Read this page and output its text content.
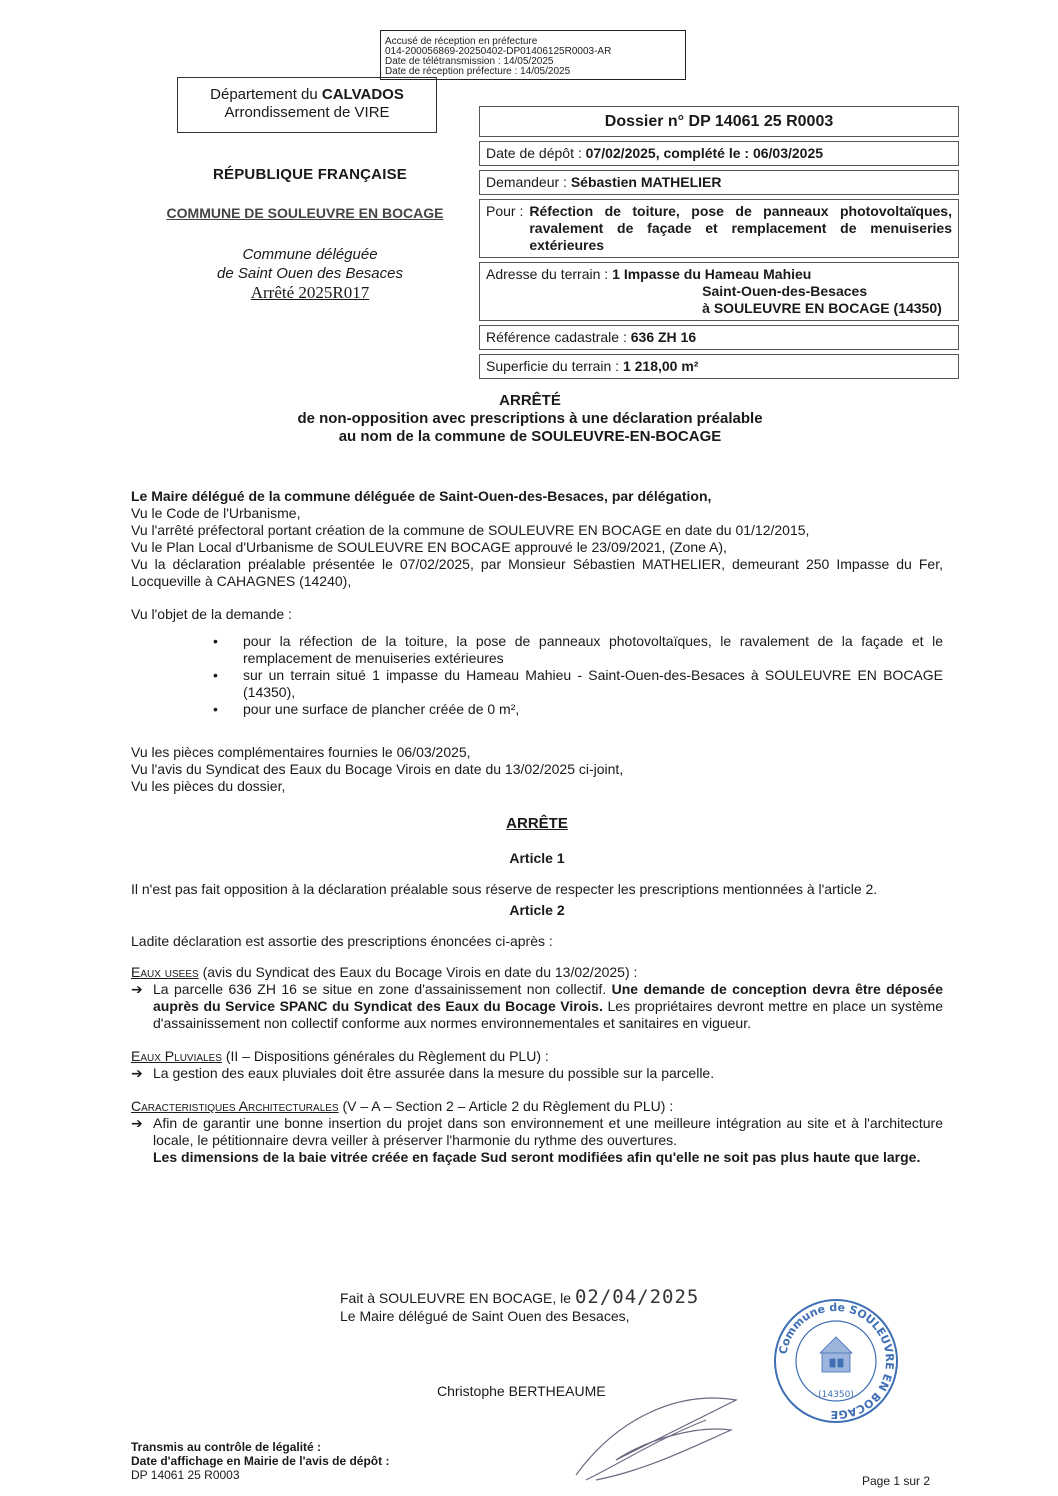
Accusé de réception en préfecture
014-200056869-20250402-DP01406125R0003-AR
Date de télétransmission : 14/05/2025
Date de réception préfecture : 14/05/2025
Département du CALVADOS
Arrondissement de VIRE
RÉPUBLIQUE FRANÇAISE
COMMUNE DE SOULEUVRE EN BOCAGE
Commune déléguée
de Saint Ouen des Besaces
Arrêté 2025R017
Dossier n° DP 14061 25 R0003
Date de dépôt : 07/02/2025, complété le : 06/03/2025
Demandeur : Sébastien MATHELIER
Pour : Réfection de toiture, pose de panneaux photovoltaïques, ravalement de façade et remplacement de menuiseries extérieures
Adresse du terrain : 1 Impasse du Hameau Mahieu
Saint-Ouen-des-Besaces
à SOULEUVRE EN BOCAGE (14350)
Référence cadastrale : 636 ZH 16
Superficie du terrain : 1 218,00 m²
ARRÊTÉ
de non-opposition avec prescriptions à une déclaration préalable
au nom de la commune de SOULEUVRE-EN-BOCAGE

Le Maire délégué de la commune déléguée de Saint-Ouen-des-Besaces, par délégation,

Vu le Code de l'Urbanisme,

Vu l'arrêté préfectoral portant création de la commune de SOULEUVRE EN BOCAGE en date du 01/12/2015,

Vu le Plan Local d'Urbanisme de SOULEUVRE EN BOCAGE approuvé le 23/09/2021, (Zone A),

Vu la déclaration préalable présentée le 07/02/2025, par Monsieur Sébastien MATHELIER, demeurant 250 Impasse du Fer, Locqueville à CAHAGNES (14240),

Vu l'objet de la demande :

• pour la réfection de la toiture, la pose de panneaux photovoltaïques, le ravalement de la façade et le remplacement de menuiseries extérieures
• sur un terrain situé 1 impasse du Hameau Mahieu - Saint-Ouen-des-Besaces à SOULEUVRE EN BOCAGE (14350),
• pour une surface de plancher créée de 0 m²,

Vu les pièces complémentaires fournies le 06/03/2025,

Vu l'avis du Syndicat des Eaux du Bocage Virois en date du 13/02/2025 ci-joint,

Vu les pièces du dossier,

ARRÊTE

Article 1

Il n'est pas fait opposition à la déclaration préalable sous réserve de respecter les prescriptions mentionnées à l'article 2.

Article 2

Ladite déclaration est assortie des prescriptions énoncées ci-après :

Eaux usees (avis du Syndicat des Eaux du Bocage Virois en date du 13/02/2025) :

➔ La parcelle 636 ZH 16 se situe en zone d'assainissement non collectif. Une demande de conception devra être déposée auprès du Service SPANC du Syndicat des Eaux du Bocage Virois. Les propriétaires devront mettre en place un système d'assainissement non collectif conforme aux normes environnementales et sanitaires en vigueur.

Eaux Pluviales (II – Dispositions générales du Règlement du PLU) :

➔ La gestion des eaux pluviales doit être assurée dans la mesure du possible sur la parcelle.

Caracteristiques Architecturales (V – A – Section 2 – Article 2 du Règlement du PLU) :

➔ Afin de garantir une bonne insertion du projet dans son environnement et une meilleure intégration au site et à l'architecture locale, le pétitionnaire devra veiller à préserver l'harmonie du rythme des ouvertures.
Les dimensions de la baie vitrée créée en façade Sud seront modifiées afin qu'elle ne soit pas plus haute que large.
Fait à SOULEUVRE EN BOCAGE, le 02/04/2025
Le Maire délégué de Saint Ouen des Besaces,
Christophe BERTHEAUME
Commune de SOULEUVRE EN BOCAGE
(14350)
Transmis au contrôle de légalité :
Date d'affichage en Mairie de l'avis de dépôt :
DP 14061 25 R0003	Page 1 sur 2
